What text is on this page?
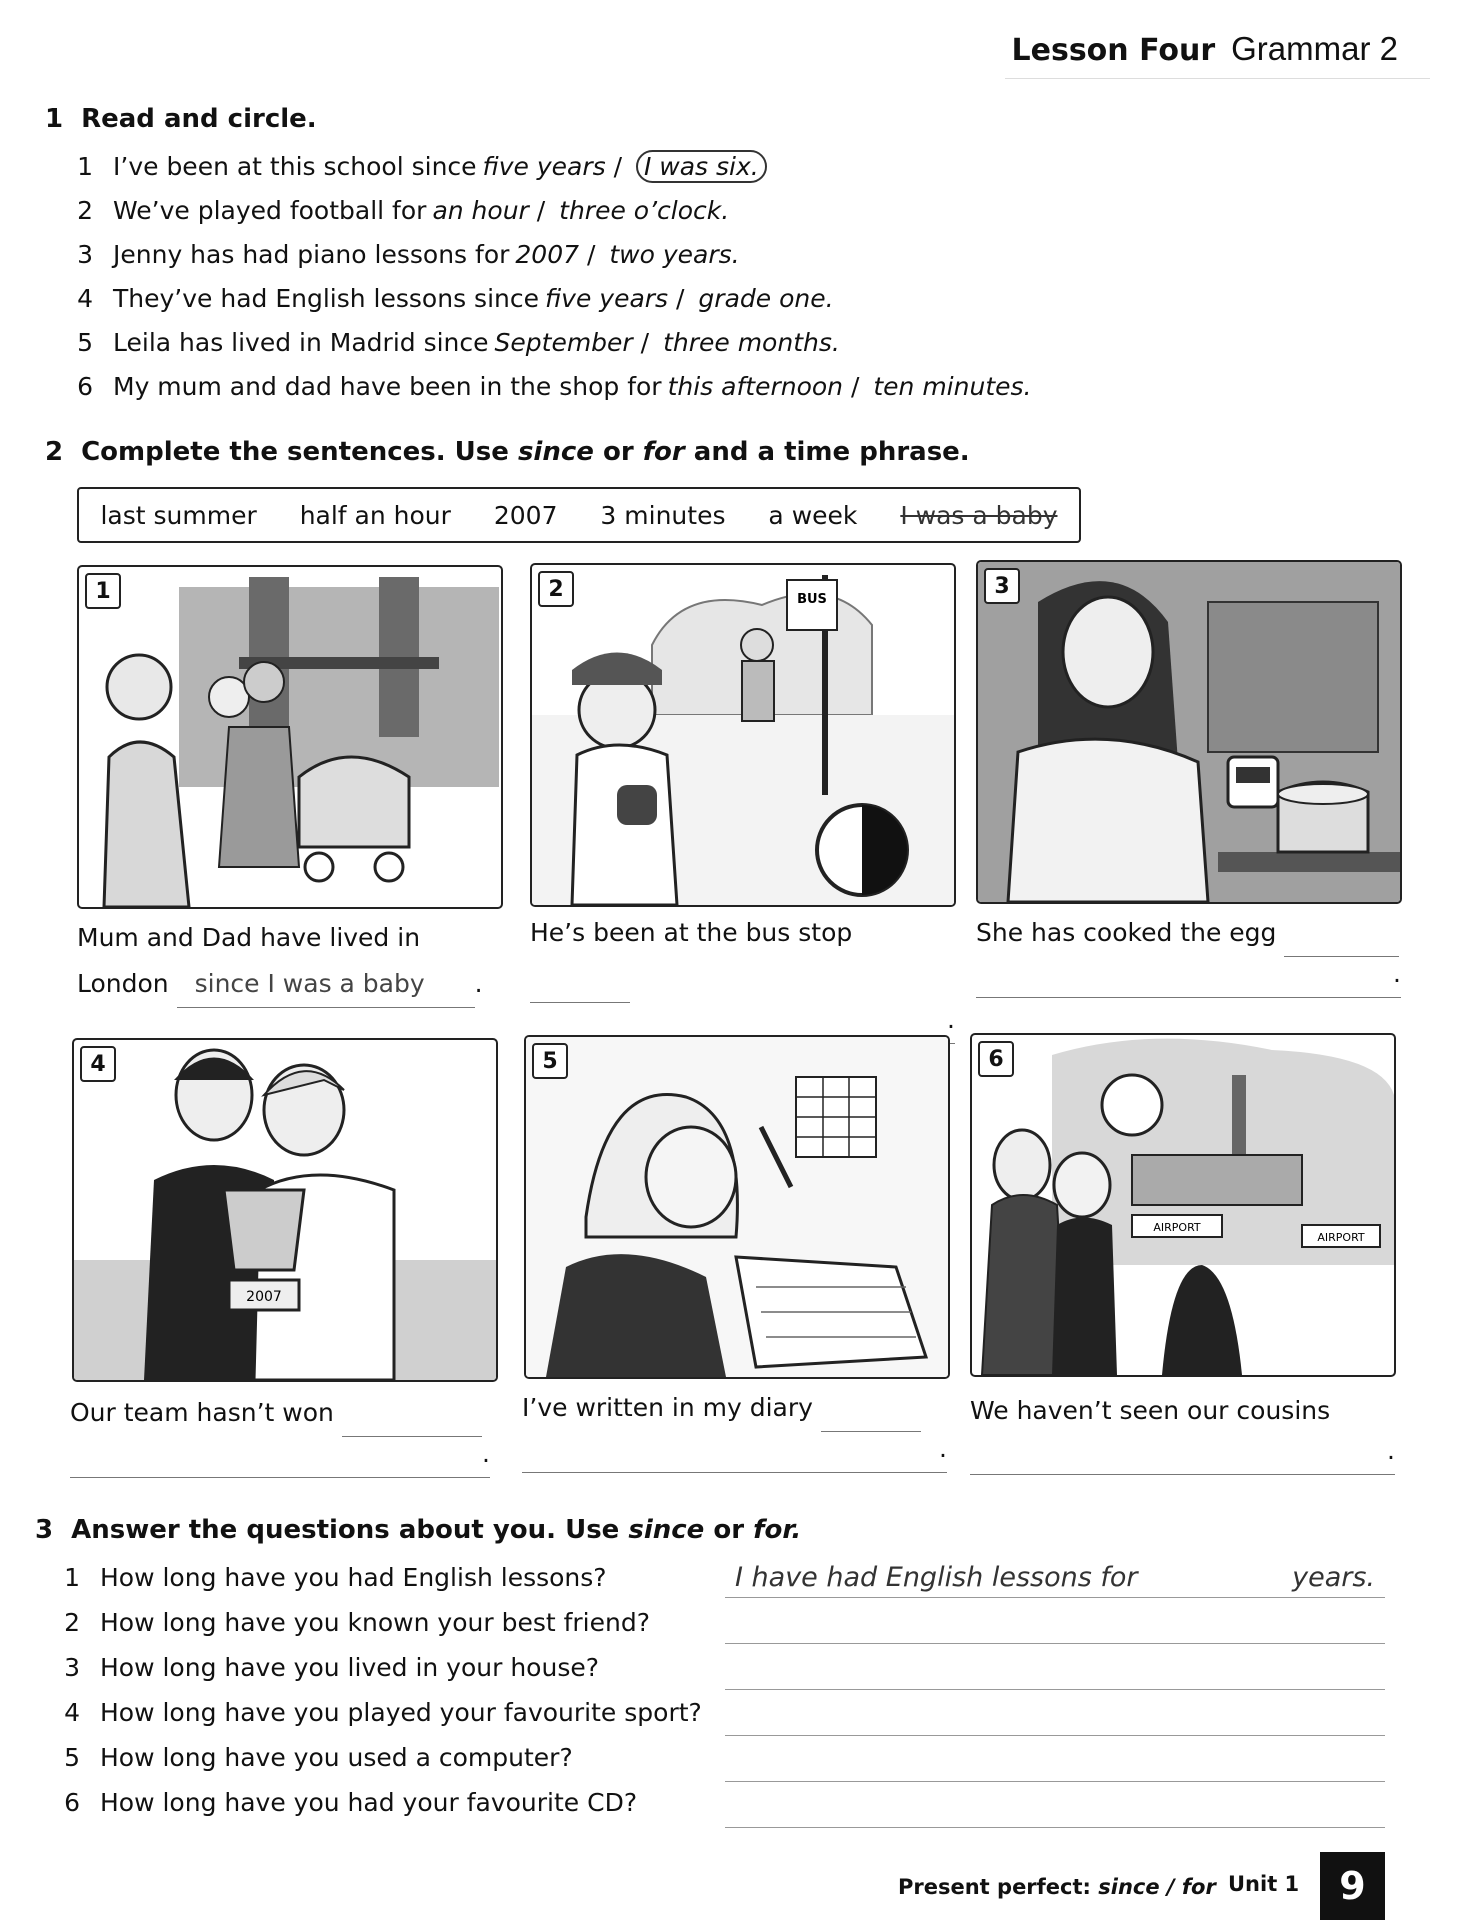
Lesson Four Grammar 2
1 Read and circle.
1 I’ve been at this school since five years / I was six.
2 We’ve played football for an hour / three o’clock.
3 Jenny has had piano lessons for 2007 / two years.
4 They’ve had English lessons since five years / grade one.
5 Leila has lived in Madrid since September / three months.
6 My mum and dad have been in the shop for this afternoon / ten minutes.
2 Complete the sentences. Use since or for and a time phrase.
last summer half an hour 2007 3 minutes a week I was a baby
1	2	BUS
3
Mum and Dad have lived in
London since I was a baby .
He’s been at the bus stop
.
She has cooked the egg
.
4
2007
5	6
AIRPORT
AIRPORT
Our team hasn’t won
.
I’ve written in my diary
.
We haven’t seen our cousins
.
3 Answer the questions about you. Use since or for.
1 How long have you had English lessons?
2 How long have you known your best friend?
3 How long have you lived in your house?
4 How long have you played your favourite sport?
5 How long have you used a computer?
6 How long have you had your favourite CD?
I have had English lessons for	years.
Present perfect: since / for Unit 1	9
